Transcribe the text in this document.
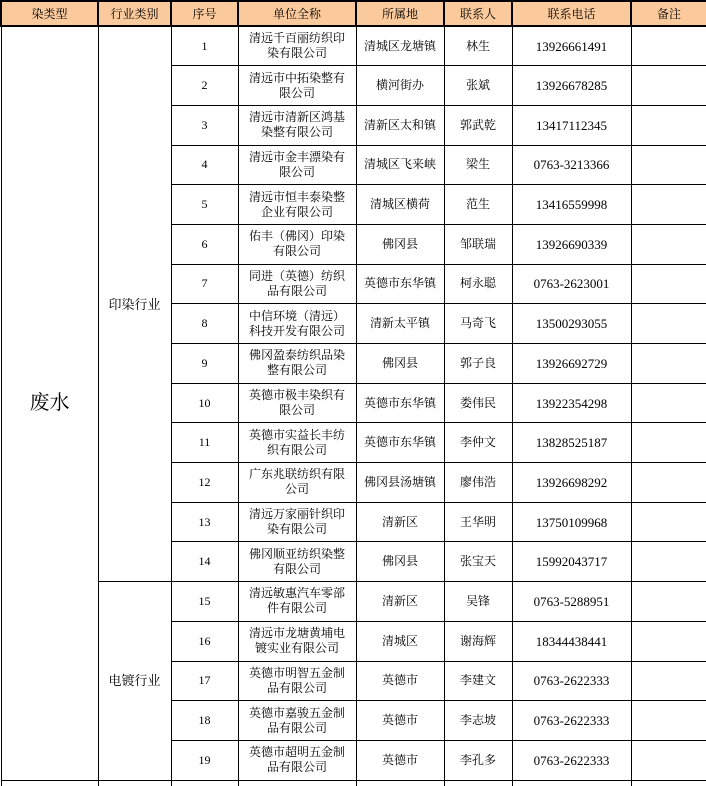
染类型	行业类别	序号	单位全称	所属地	联系人	联系电话	备注
废水	印染行业	1	清远千百丽纺织印染有限公司	清城区龙塘镇	林生	13926661491	
		2	清远市中拓染整有限公司	横河街办	张斌	13926678285	
		3	清远市清新区鸿基染整有限公司	清新区太和镇	郭武乾	13417112345	
		4	清远市金丰漂染有限公司	清城区飞来峡	梁生	0763-3213366	
		5	清远市恒丰泰染整企业有限公司	清城区横荷	范生	13416559998	
		6	佑丰（佛冈）印染有限公司	佛冈县	邹联瑞	13926690339	
		7	同进（英德）纺织品有限公司	英德市东华镇	柯永聪	0763-2623001	
		8	中信环境（清远）科技开发有限公司	清新太平镇	马奇飞	13500293055	
		9	佛冈盈泰纺织品染整有限公司	佛冈县	郭子良	13926692729	
		10	英德市极丰染织有限公司	英德市东华镇	娄伟民	13922354298	
		11	英德市实益长丰纺织有限公司	英德市东华镇	李仲文	13828525187	
		12	广东兆联纺织有限公司	佛冈县汤塘镇	廖伟浩	13926698292	
		13	清远万家丽针织印染有限公司	清新区	王华明	13750109968	
		14	佛冈顺亚纺织染整有限公司	佛冈县	张宝天	15992043717	
	电镀行业	15	清远敏惠汽车零部件有限公司	清新区	吴锋	0763-5288951	
		16	清远市龙塘黄埔电镀实业有限公司	清城区	谢海辉	18344438441	
		17	英德市明智五金制品有限公司	英德市	李建文	0763-2622333	
		18	英德市嘉骏五金制品有限公司	英德市	李志坡	0763-2622333	
		19	英德市超明五金制品有限公司	英德市	李孔多	0763-2622333	
